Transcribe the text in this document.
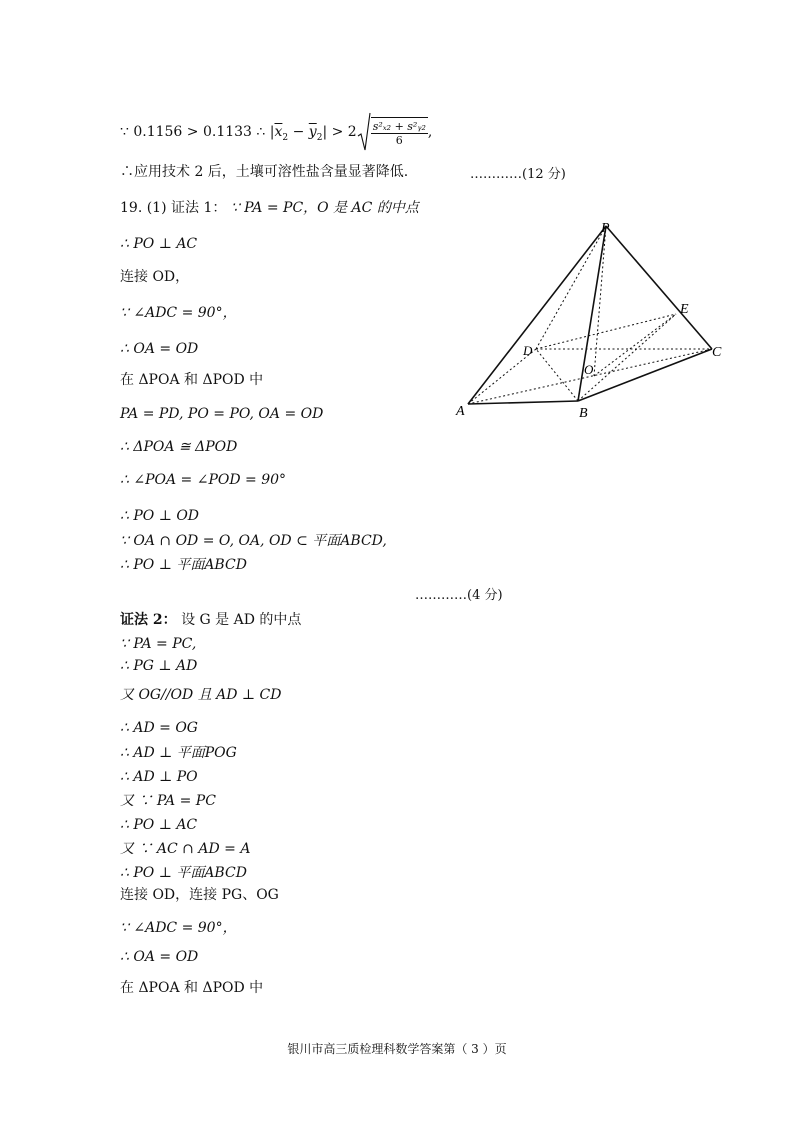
∵ 0.1156 > 0.1133 ∴ $|\overline{x}_2 - \overline{y}_2| > 2 \frac{\text{s²ₓ₂ + s²ᵧ₂}}{6}$ ,
∴应用技术 2 后，土壤可溶性盐含量显著降低.	…………(12 分)
19. (1) 证法 1： ∵ PA = PC，O 是 AC 的中点
∴ PO ⊥ AC
连接 OD，
∵ ∠ADC = 90°，
∴ OA = OD
在 ΔPOA 和 ΔPOD 中
PA = PD, PO = PO, OA = OD
∴ ΔPOA ≅ ΔPOD
∴ ∠POA = ∠POD = 90°
∴ PO ⊥ OD
∵ OA ∩ OD = O, OA, OD ⊂ 平面ABCD,
∴ PO ⊥ 平面ABCD
…………(4 分)
证法 2： 设 G 是 AD 的中点
∵ PA = PC,
∴ PG ⊥ AD
又 OG//OD 且 AD ⊥ CD
∴ AD = OG
∴ AD ⊥ 平面POG
∴ AD ⊥ PO
又 ∵ PA = PC
∴ PO ⊥ AC
又 ∵ AC ∩ AD = A
∴ PO ⊥ 平面ABCD
连接 OD，连接 PG、OG
∵ ∠ADC = 90°，
∴ OA = OD
在 ΔPOA 和 ΔPOD 中
P
E
D	C
O
A	B
银川市高三质检理科数学答案第（ 3 ）页
